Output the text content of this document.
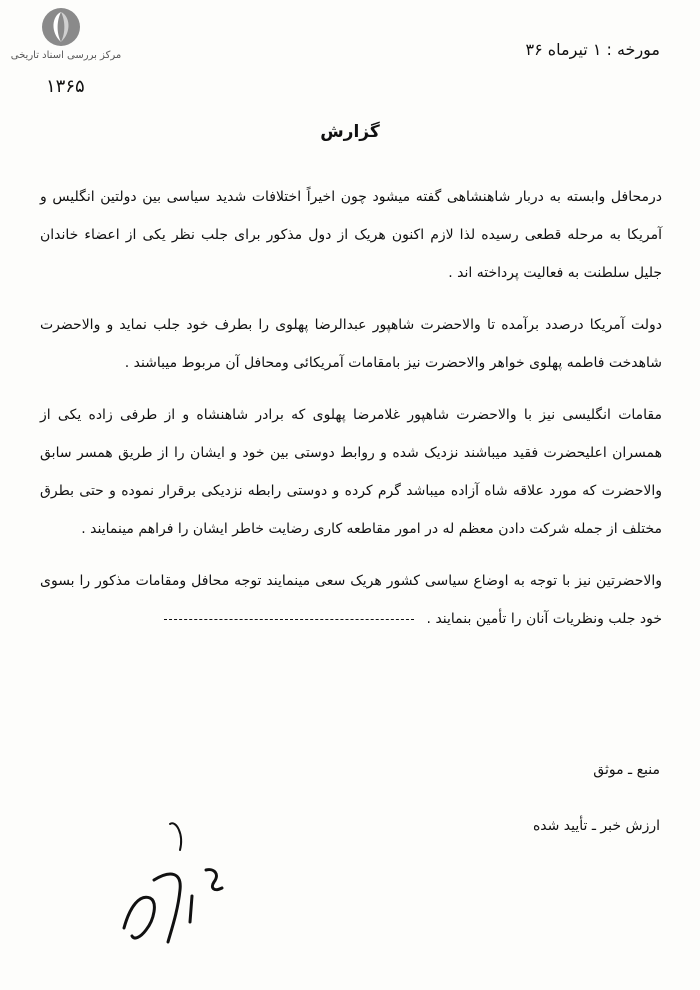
مرکز بررسی اسناد تاریخی	مورخه : ۱ تیرماه ۳۶
۱۳۶۵
گزارش

درمحافل وابسته به دربار شاهنشاهی گفته میشود چون اخیراً اختلافات شدید سیاسی بین دولتین انگلیس و آمریکا به مرحله قطعی رسیده لذا لازم اکنون هریک از دول مذکور برای جلب نظر یکی از اعضاء خاندان جلیل سلطنت به فعالیت پرداخته اند .

دولت آمریکا درصدد برآمده تا والاحضرت شاهپور عبدالرضا پهلوی را بطرف خود جلب نماید و والاحضرت شاهدخت فاطمه پهلوی خواهر والاحضرت نیز بامقامات آمریکائی ومحافل آن مربوط میباشند .

مقامات انگلیسی نیز با والاحضرت شاهپور غلامرضا پهلوی که برادر شاهنشاه و از طرفی زاده یکی از همسران اعلیحضرت فقید میباشند نزدیک شده و روابط دوستی بین خود و ایشان را از طریق همسر سابق والاحضرت که مورد علاقه شاه آزاده میباشد گرم کرده و دوستی رابطه نزدیکی برقرار نموده و حتی بطرق مختلف از جمله شرکت دادن معظم له در امور مقاطعه کاری رضایت خاطر ایشان را فراهم مینمایند .

والاحضرتین نیز با توجه به اوضاع سیاسی کشور هریک سعی مینمایند توجه محافل ومقامات مذکور را بسوی خود جلب ونظریات آنان را تأمین بنمایند .

منبع ـ موثق
ارزش خبر ـ تأیید شده
